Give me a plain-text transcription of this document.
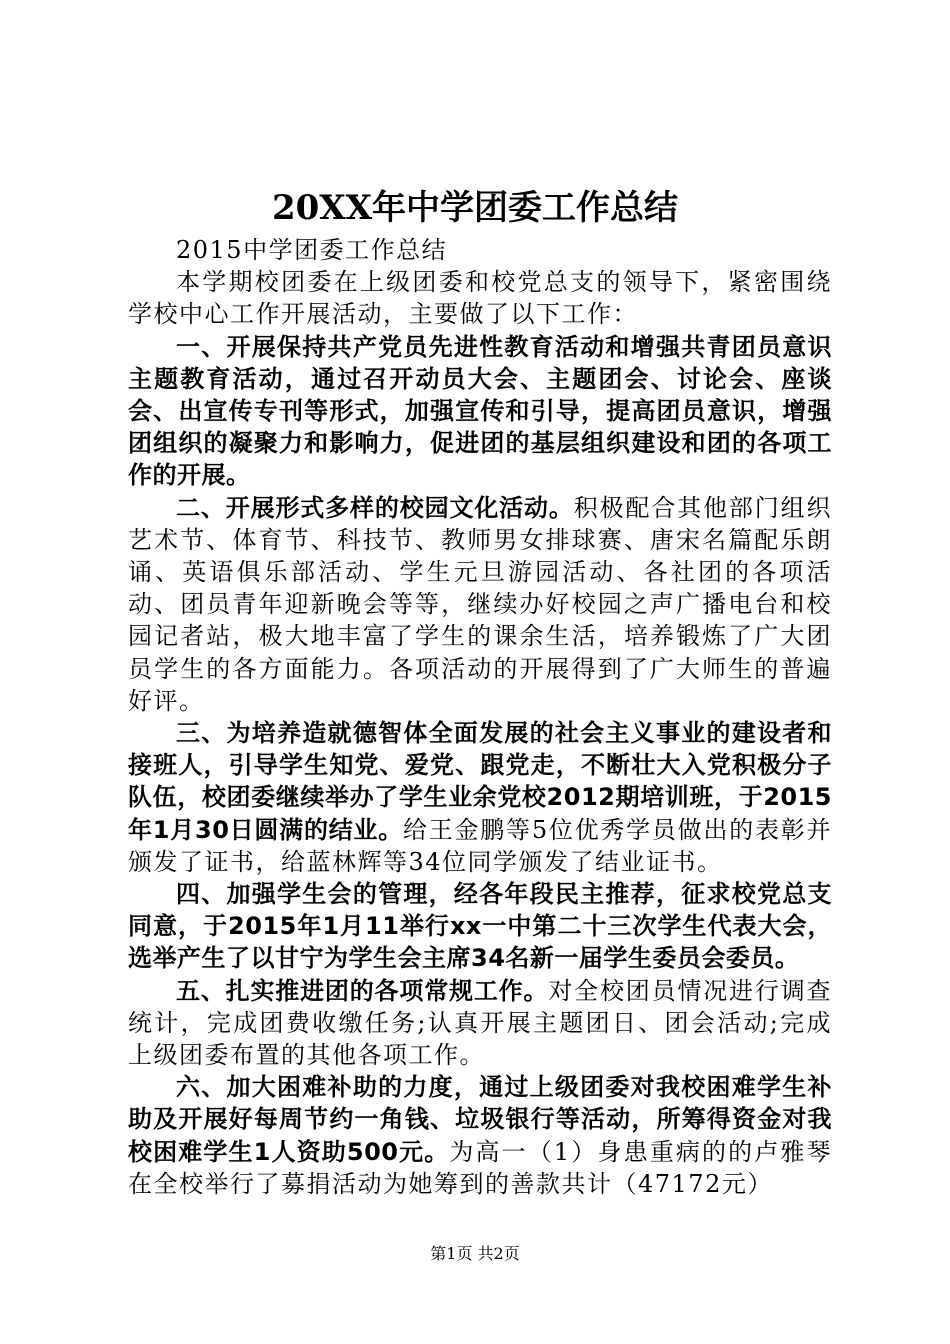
20XX年中学团委工作总结

2015中学团委工作总结

本学期校团委在上级团委和校党总支的领导下，紧密围绕学校中心工作开展活动，主要做了以下工作：

一、开展保持共产党员先进性教育活动和增强共青团员意识主题教育活动，通过召开动员大会、主题团会、讨论会、座谈会、出宣传专刊等形式，加强宣传和引导，提高团员意识，增强团组织的凝聚力和影响力，促进团的基层组织建设和团的各项工作的开展。

二、开展形式多样的校园文化活动。积极配合其他部门组织艺术节、体育节、科技节、教师男女排球赛、唐宋名篇配乐朗诵、英语俱乐部活动、学生元旦游园活动、各社团的各项活动、团员青年迎新晚会等等，继续办好校园之声广播电台和校园记者站，极大地丰富了学生的课余生活，培养锻炼了广大团员学生的各方面能力。各项活动的开展得到了广大师生的普遍好评。

三、为培养造就德智体全面发展的社会主义事业的建设者和接班人，引导学生知党、爱党、跟党走，不断壮大入党积极分子队伍，校团委继续举办了学生业余党校2012期培训班，于2015年1月30日圆满的结业。给王金鹏等5位优秀学员做出的表彰并颁发了证书，给蓝林辉等34位同学颁发了结业证书。

四、加强学生会的管理，经各年段民主推荐，征求校党总支同意，于2015年1月11举行xx一中第二十三次学生代表大会，选举产生了以甘宁为学生会主席34名新一届学生委员会委员。

五、扎实推进团的各项常规工作。对全校团员情况进行调查统计，完成团费收缴任务;认真开展主题团日、团会活动;完成上级团委布置的其他各项工作。

六、加大困难补助的力度，通过上级团委对我校困难学生补助及开展好每周节约一角钱、垃圾银行等活动，所筹得资金对我校困难学生1人资助500元。为高一（1）身患重病的的卢雅琴在全校举行了募捐活动为她筹到的善款共计（47172元）

第1页 共2页
